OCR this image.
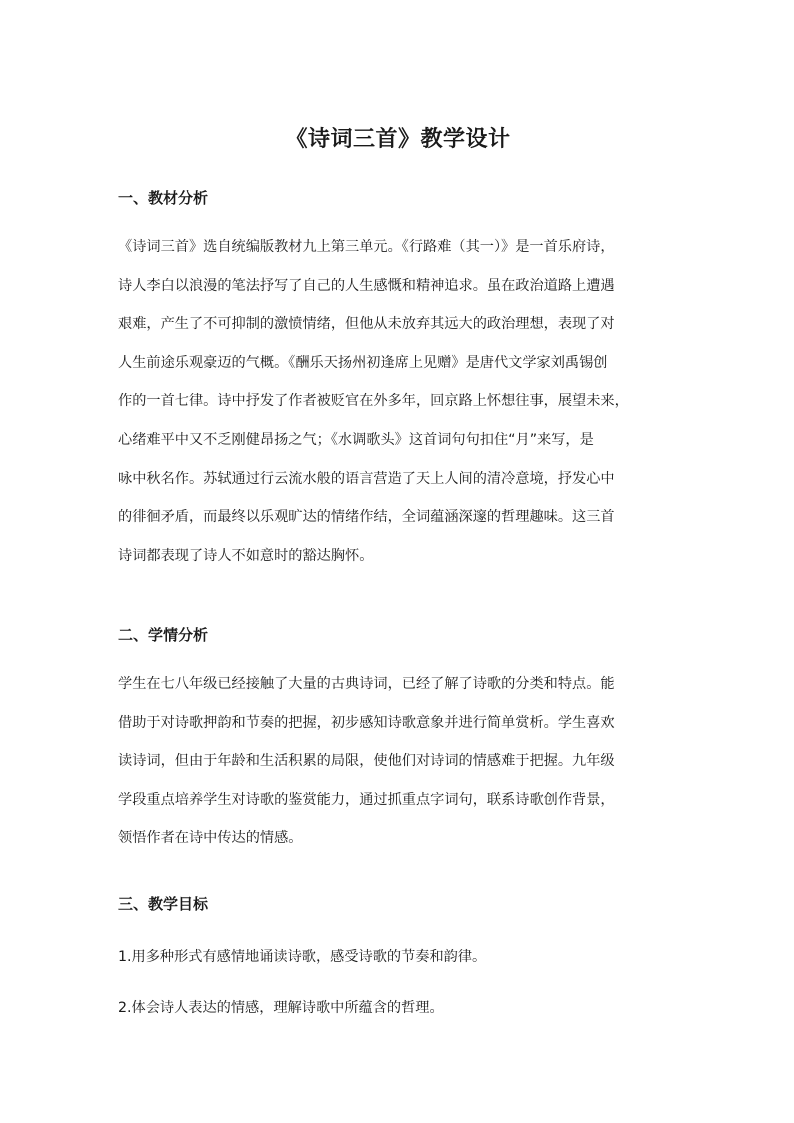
《诗词三首》教学设计
一、教材分析
《诗词三首》选自统编版教材九上第三单元。《行路难（其一）》是一首乐府诗，
诗人李白以浪漫的笔法抒写了自己的人生感慨和精神追求。虽在政治道路上遭遇
艰难，产生了不可抑制的激愤情绪，但他从未放弃其远大的政治理想，表现了对
人生前途乐观豪迈的气概。《酬乐天扬州初逢席上见赠》是唐代文学家刘禹锡创
作的一首七律。诗中抒发了作者被贬官在外多年，回京路上怀想往事，展望未来，
心绪难平中又不乏刚健昂扬之气；《水调歌头》这首词句句扣住“月”来写，是
咏中秋名作。苏轼通过行云流水般的语言营造了天上人间的清冷意境，抒发心中
的徘徊矛盾，而最终以乐观旷达的情绪作结，全词蕴涵深邃的哲理趣味。这三首
诗词都表现了诗人不如意时的豁达胸怀。
二、学情分析
学生在七八年级已经接触了大量的古典诗词，已经了解了诗歌的分类和特点。能
借助于对诗歌押韵和节奏的把握，初步感知诗歌意象并进行简单赏析。学生喜欢
读诗词，但由于年龄和生活积累的局限，使他们对诗词的情感难于把握。九年级
学段重点培养学生对诗歌的鉴赏能力，通过抓重点字词句，联系诗歌创作背景，
领悟作者在诗中传达的情感。
三、教学目标
1.用多种形式有感情地诵读诗歌，感受诗歌的节奏和韵律。
2.体会诗人表达的情感，理解诗歌中所蕴含的哲理。
